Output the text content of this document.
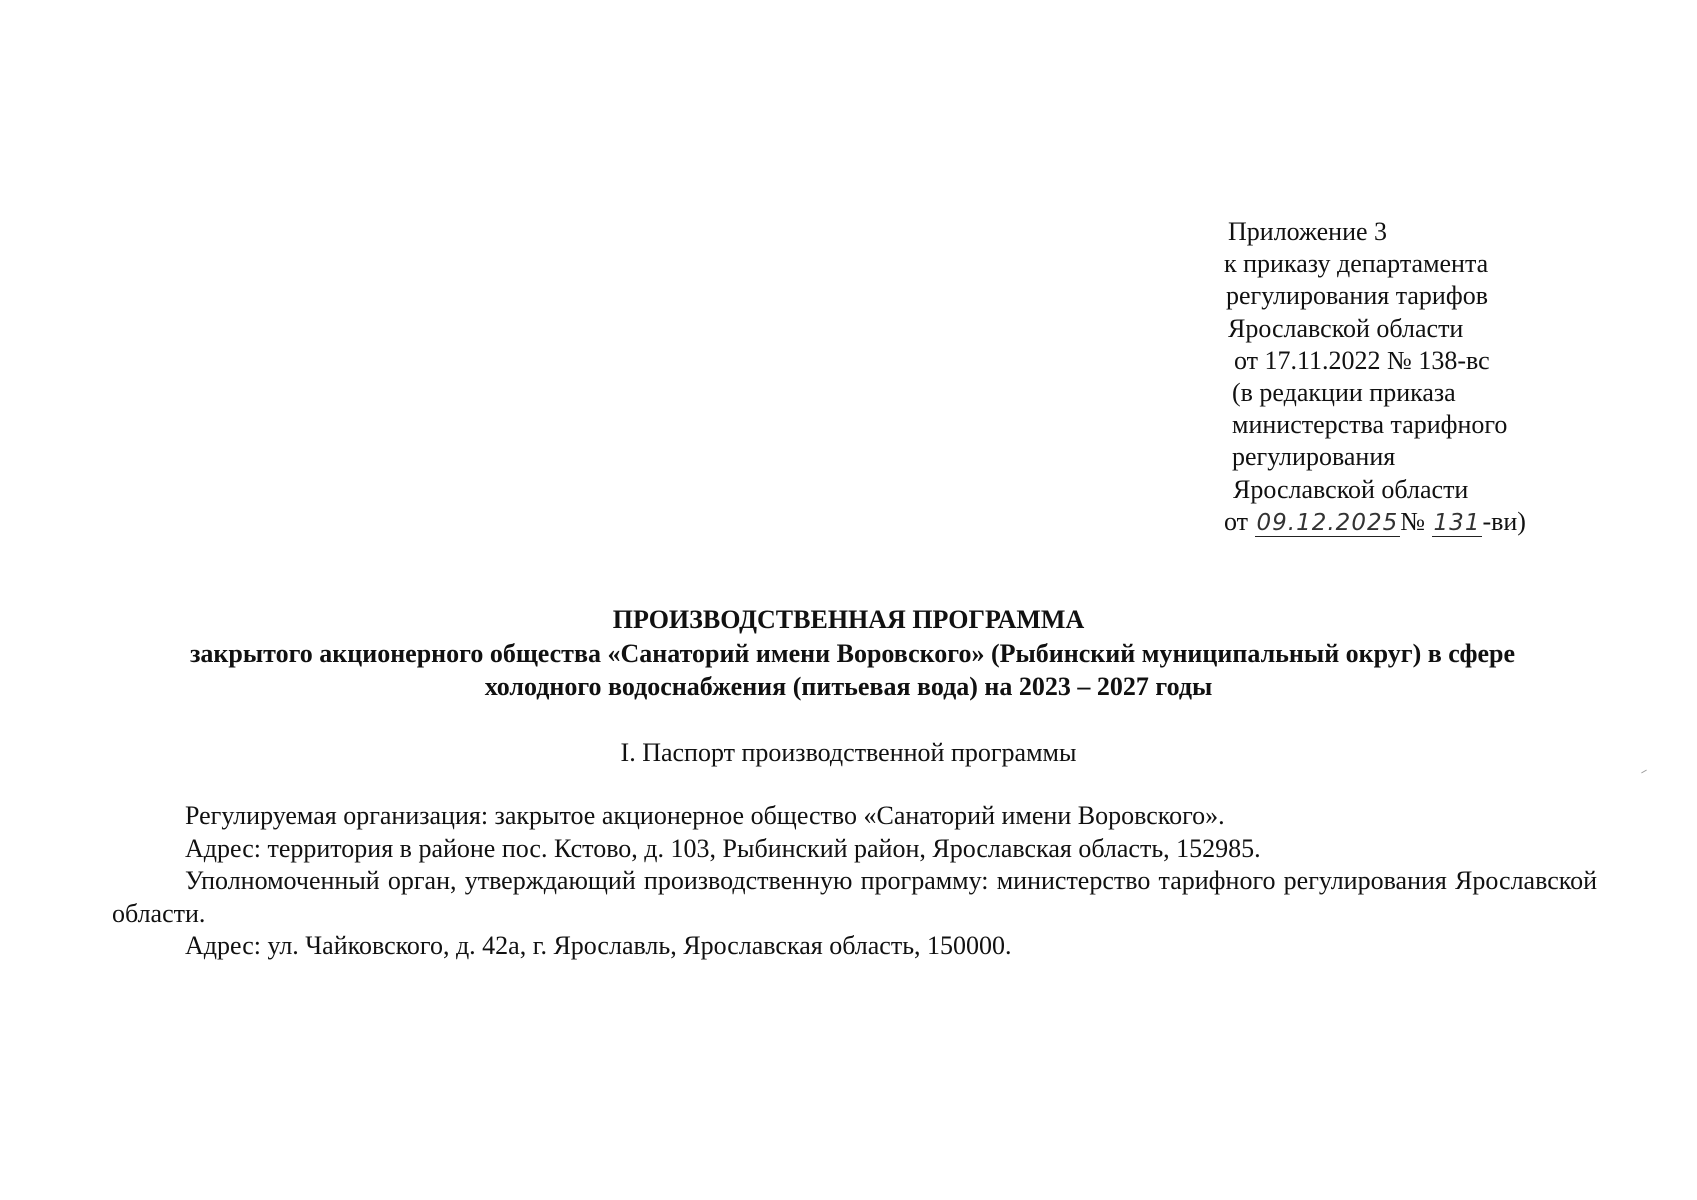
Приложение 3
к приказу департамента
регулирования тарифов
Ярославской области
от 17.11.2022 № 138-вс
(в редакции приказа
министерства тарифного
регулирования
Ярославской области
от 09.12.2025№ 131-ви)
ПРОИЗВОДСТВЕННАЯ ПРОГРАММА
закрытого акционерного общества «Санаторий имени Воровского» (Рыбинский муниципальный округ) в сфере
холодного водоснабжения (питьевая вода) на 2023 – 2027 годы
I. Паспорт производственной программы

Регулируемая организация: закрытое акционерное общество «Санаторий имени Воровского».

Адрес: территория в районе пос. Кстово, д. 103, Рыбинский район, Ярославская область, 152985.

Уполномоченный орган, утверждающий производственную программу: министерство тарифного регулирования Ярославской области.

Адрес: ул. Чайковского, д. 42а, г. Ярославль, Ярославская область, 150000.
